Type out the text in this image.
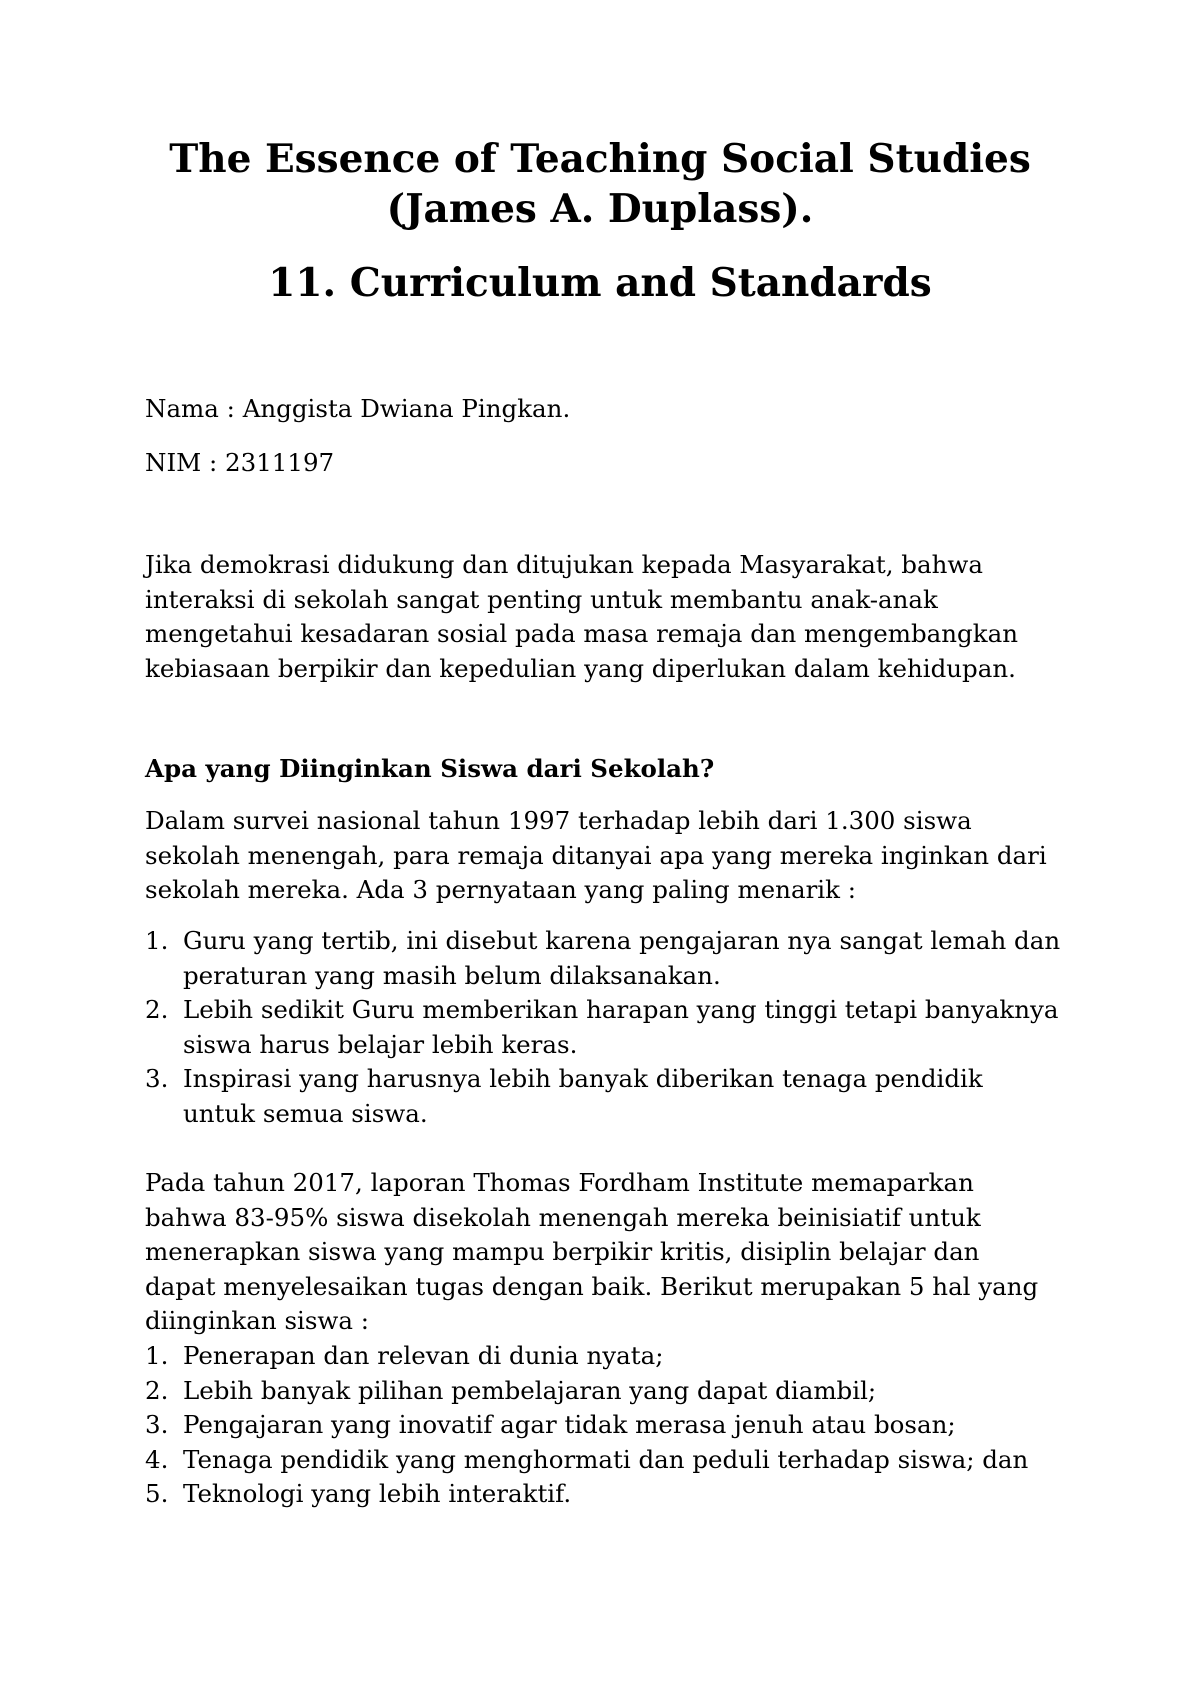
The Essence of Teaching Social Studies
(James A. Duplass).
11. Curriculum and Standards
Nama : Anggista Dwiana Pingkan.
NIM : 2311197
Jika demokrasi didukung dan ditujukan kepada Masyarakat, bahwa
interaksi di sekolah sangat penting untuk membantu anak-anak
mengetahui kesadaran sosial pada masa remaja dan mengembangkan
kebiasaan berpikir dan kepedulian yang diperlukan dalam kehidupan.
Apa yang Diinginkan Siswa dari Sekolah?
Dalam survei nasional tahun 1997 terhadap lebih dari 1.300 siswa
sekolah menengah, para remaja ditanyai apa yang mereka inginkan dari
sekolah mereka. Ada 3 pernyataan yang paling menarik :
1. Guru yang tertib, ini disebut karena pengajaran nya sangat lemah dan
peraturan yang masih belum dilaksanakan.
2. Lebih sedikit Guru memberikan harapan yang tinggi tetapi banyaknya
siswa harus belajar lebih keras.
3. Inspirasi yang harusnya lebih banyak diberikan tenaga pendidik
untuk semua siswa.
Pada tahun 2017, laporan Thomas Fordham Institute memaparkan
bahwa 83-95% siswa disekolah menengah mereka beinisiatif untuk
menerapkan siswa yang mampu berpikir kritis, disiplin belajar dan
dapat menyelesaikan tugas dengan baik. Berikut merupakan 5 hal yang
diinginkan siswa :
1. Penerapan dan relevan di dunia nyata;
2. Lebih banyak pilihan pembelajaran yang dapat diambil;
3. Pengajaran yang inovatif agar tidak merasa jenuh atau bosan;
4. Tenaga pendidik yang menghormati dan peduli terhadap siswa; dan
5. Teknologi yang lebih interaktif.
